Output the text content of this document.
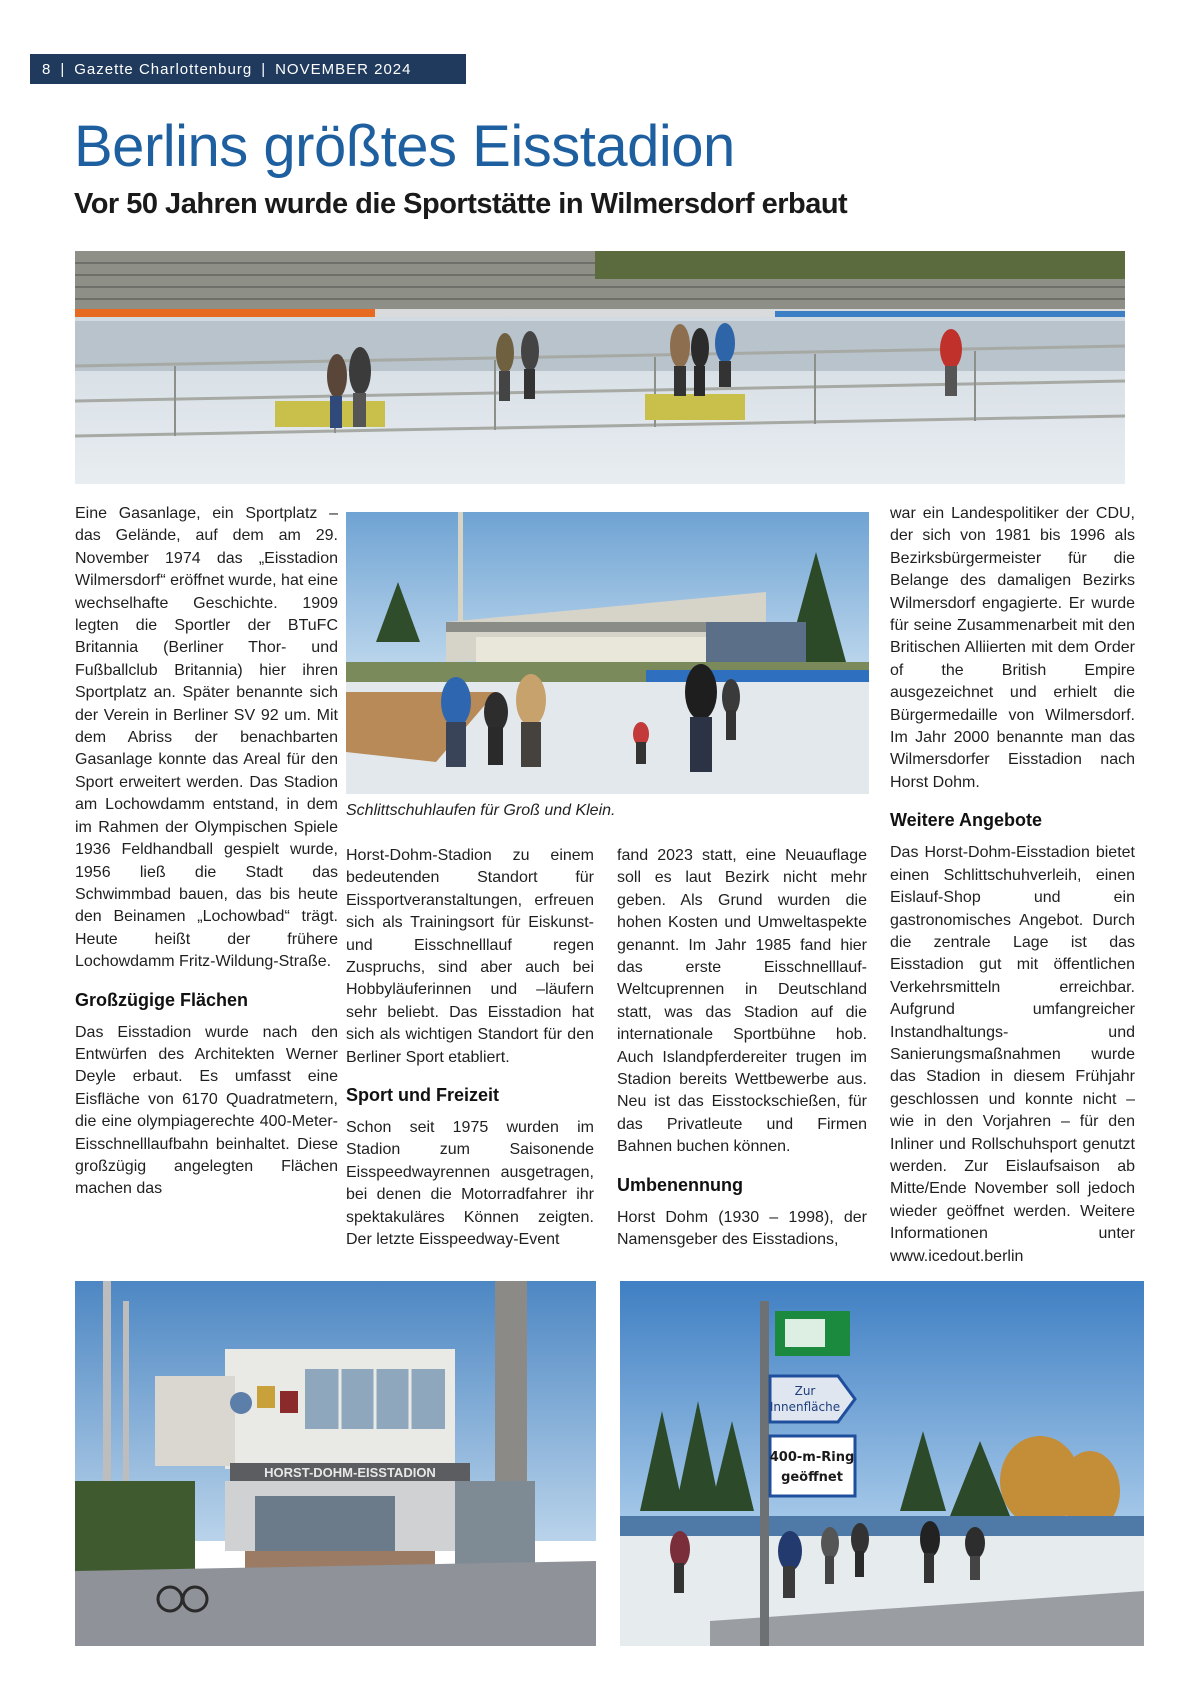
8 | Gazette Charlottenburg | NOVEMBER 2024
Berlins größtes Eisstadion
Vor 50 Jahren wurde die Sportstätte in Wilmersdorf erbaut
Schlittschuhlaufen für Groß und Klein.

Eine Gasanlage, ein Sportplatz – das Gelände, auf dem am 29. November 1974 das „Eisstadion Wilmersdorf“ eröffnet wurde, hat eine wechselhafte Geschichte. 1909 legten die Sportler der BTuFC Britannia (Berliner Thor- und Fußballclub Britannia) hier ihren Sportplatz an. Später benannte sich der Verein in Berliner SV 92 um. Mit dem Abriss der benachbarten Gasanlage konnte das Areal für den Sport erweitert werden. Das Stadion am Lochowdamm entstand, in dem im Rahmen der Olympischen Spiele 1936 Feldhandball gespielt wurde, 1956 ließ die Stadt das Schwimmbad bauen, das bis heute den Beinamen „Lochowbad“ trägt. Heute heißt der frühere Lochowdamm Fritz-Wildung-Straße.

Großzügige Flächen

Das Eisstadion wurde nach den Entwürfen des Architekten Werner Deyle erbaut. Es umfasst eine Eisfläche von 6170 Quadratmetern, die eine olympiagerechte 400-Meter-Eisschnelllaufbahn beinhaltet. Diese großzügig angelegten Flächen machen das

Horst-Dohm-Stadion zu einem bedeutenden Standort für Eissportveranstaltungen, erfreuen sich als Trainingsort für Eiskunst- und Eisschnelllauf regen Zuspruchs, sind aber auch bei Hobbyläuferinnen und –läufern sehr beliebt. Das Eisstadion hat sich als wichtigen Standort für den Berliner Sport etabliert.

Sport und Freizeit

Schon seit 1975 wurden im Stadion zum Saisonende Eisspeedwayrennen ausgetragen, bei denen die Motorradfahrer ihr spektakuläres Können zeigten. Der letzte Eisspeedway-Event

fand 2023 statt, eine Neuauflage soll es laut Bezirk nicht mehr geben. Als Grund wurden die hohen Kosten und Umweltaspekte genannt. Im Jahr 1985 fand hier das erste Eisschnelllauf-Weltcuprennen in Deutschland statt, was das Stadion auf die internationale Sportbühne hob. Auch Islandpferdereiter trugen im Stadion bereits Wettbewerbe aus. Neu ist das Eisstockschießen, für das Privatleute und Firmen Bahnen buchen können.

Umbenennung

Horst Dohm (1930 – 1998), der Namensgeber des Eisstadions,

war ein Landespolitiker der CDU, der sich von 1981 bis 1996 als Bezirksbürgermeister für die Belange des damaligen Bezirks Wilmersdorf engagierte. Er wurde für seine Zusammenarbeit mit den Britischen Alliierten mit dem Order of the British Empire ausgezeichnet und erhielt die Bürgermedaille von Wilmersdorf. Im Jahr 2000 benannte man das Wilmersdorfer Eisstadion nach Horst Dohm.

Weitere Angebote

Das Horst-Dohm-Eisstadion bietet einen Schlittschuhverleih, einen Eislauf-Shop und ein gastronomisches Angebot. Durch die zentrale Lage ist das Eisstadion gut mit öffentlichen Verkehrsmitteln erreichbar. Aufgrund umfangreicher Instandhaltungs- und Sanierungsmaßnahmen wurde das Stadion in diesem Frühjahr geschlossen und konnte nicht – wie in den Vorjahren – für den Inliner und Rollschuhsport genutzt werden. Zur Eislaufsaison ab Mitte/Ende November soll jedoch wieder geöffnet werden. Weitere Informationen unter www.icedout.berlin

HORST-DOHM-EISSTADION
Zur
Innenfläche
400-m-Ring
geöffnet
